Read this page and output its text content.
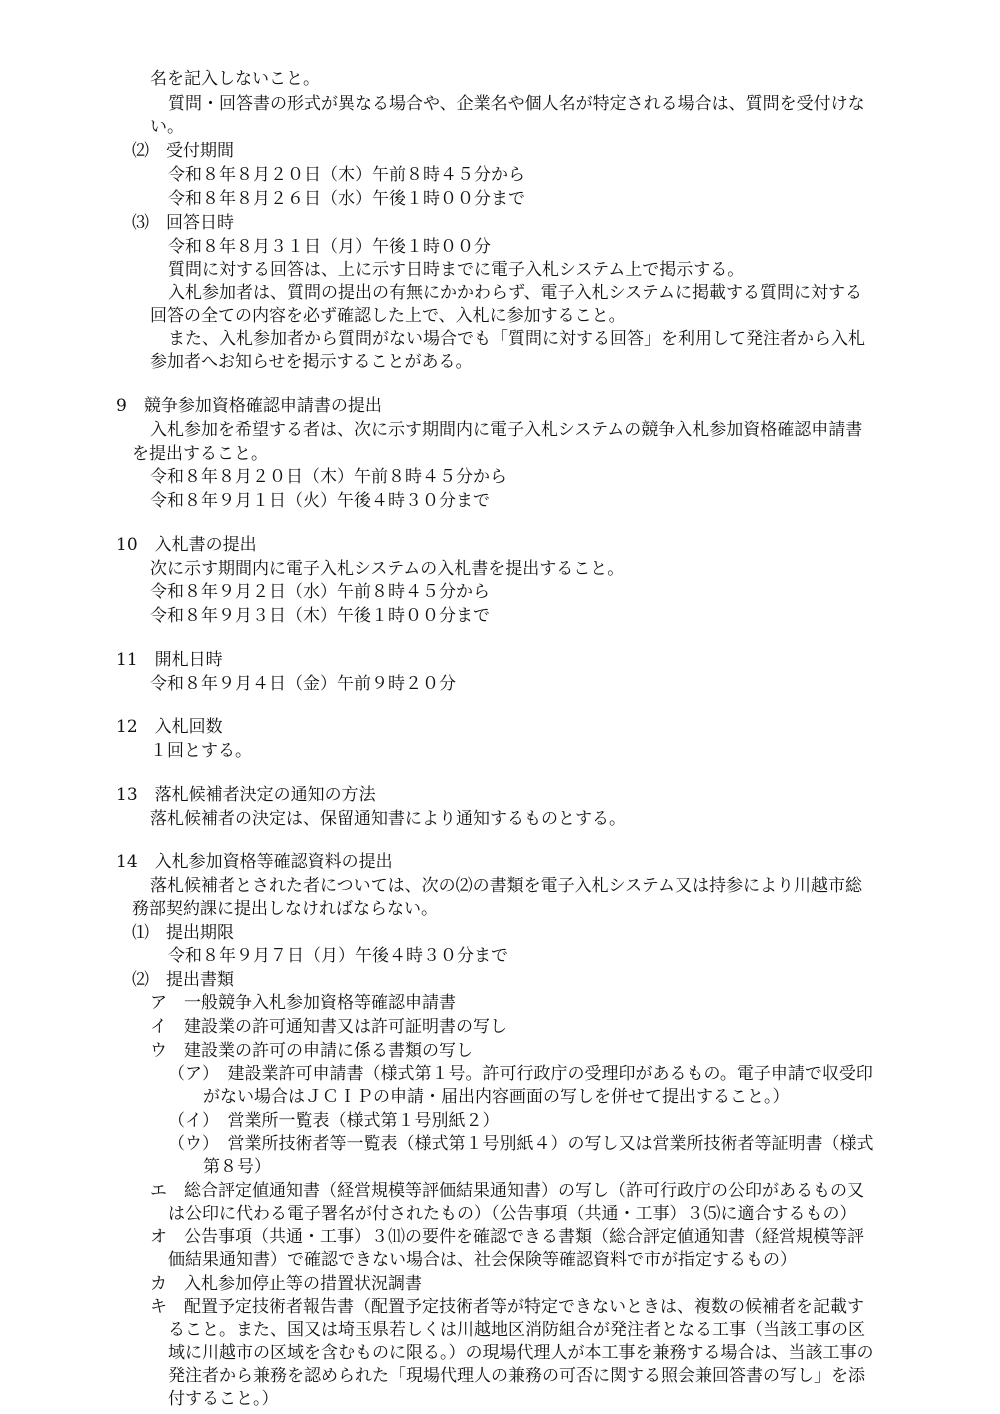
名を記入しないこと。
質問・回答書の形式が異なる場合や、企業名や個人名が特定される場合は、質問を受付けな
い。
⑵　受付期間
令和８年８月２０日（木）午前８時４５分から
令和８年８月２６日（水）午後１時００分まで
⑶　回答日時
令和８年８月３１日（月）午後１時００分
質問に対する回答は、上に示す日時までに電子入札システム上で掲示する。
入札参加者は、質問の提出の有無にかかわらず、電子入札システムに掲載する質問に対する
回答の全ての内容を必ず確認した上で、入札に参加すること。
また、入札参加者から質問がない場合でも「質問に対する回答」を利用して発注者から入札
参加者へお知らせを掲示することがある。
9　競争参加資格確認申請書の提出
入札参加を希望する者は、次に示す期間内に電子入札システムの競争入札参加資格確認申請書
を提出すること。
令和８年８月２０日（木）午前８時４５分から
令和８年９月１日（火）午後４時３０分まで
10　入札書の提出
次に示す期間内に電子入札システムの入札書を提出すること。
令和８年９月２日（水）午前８時４５分から
令和８年９月３日（木）午後１時００分まで
11　開札日時
令和８年９月４日（金）午前９時２０分
12　入札回数
１回とする。
13　落札候補者決定の通知の方法
落札候補者の決定は、保留通知書により通知するものとする。
14　入札参加資格等確認資料の提出
落札候補者とされた者については、次の⑵の書類を電子入札システム又は持参により川越市総
務部契約課に提出しなければならない。
⑴　提出期限
令和８年９月７日（月）午後４時３０分まで
⑵　提出書類
ア　一般競争入札参加資格等確認申請書
イ　建設業の許可通知書又は許可証明書の写し
ウ　建設業の許可の申請に係る書類の写し
（ア）　建設業許可申請書（様式第１号。許可行政庁の受理印があるもの。電子申請で収受印
がない場合はＪＣＩＰの申請・届出内容画面の写しを併せて提出すること。）
（イ）　営業所一覧表（様式第１号別紙２）
（ウ）　営業所技術者等一覧表（様式第１号別紙４）の写し又は営業所技術者等証明書（様式
第８号）
エ　総合評定値通知書（経営規模等評価結果通知書）の写し（許可行政庁の公印があるもの又
は公印に代わる電子署名が付されたもの）（公告事項（共通・工事）３⑸に適合するもの）
オ　公告事項（共通・工事）３⑾の要件を確認できる書類（総合評定値通知書（経営規模等評
価結果通知書）で確認できない場合は、社会保険等確認資料で市が指定するもの）
カ　入札参加停止等の措置状況調書
キ　配置予定技術者報告書（配置予定技術者等が特定できないときは、複数の候補者を記載す
ること。また、国又は埼玉県若しくは川越地区消防組合が発注者となる工事（当該工事の区
域に川越市の区域を含むものに限る。）の現場代理人が本工事を兼務する場合は、当該工事の
発注者から兼務を認められた「現場代理人の兼務の可否に関する照会兼回答書の写し」を添
付すること。）
